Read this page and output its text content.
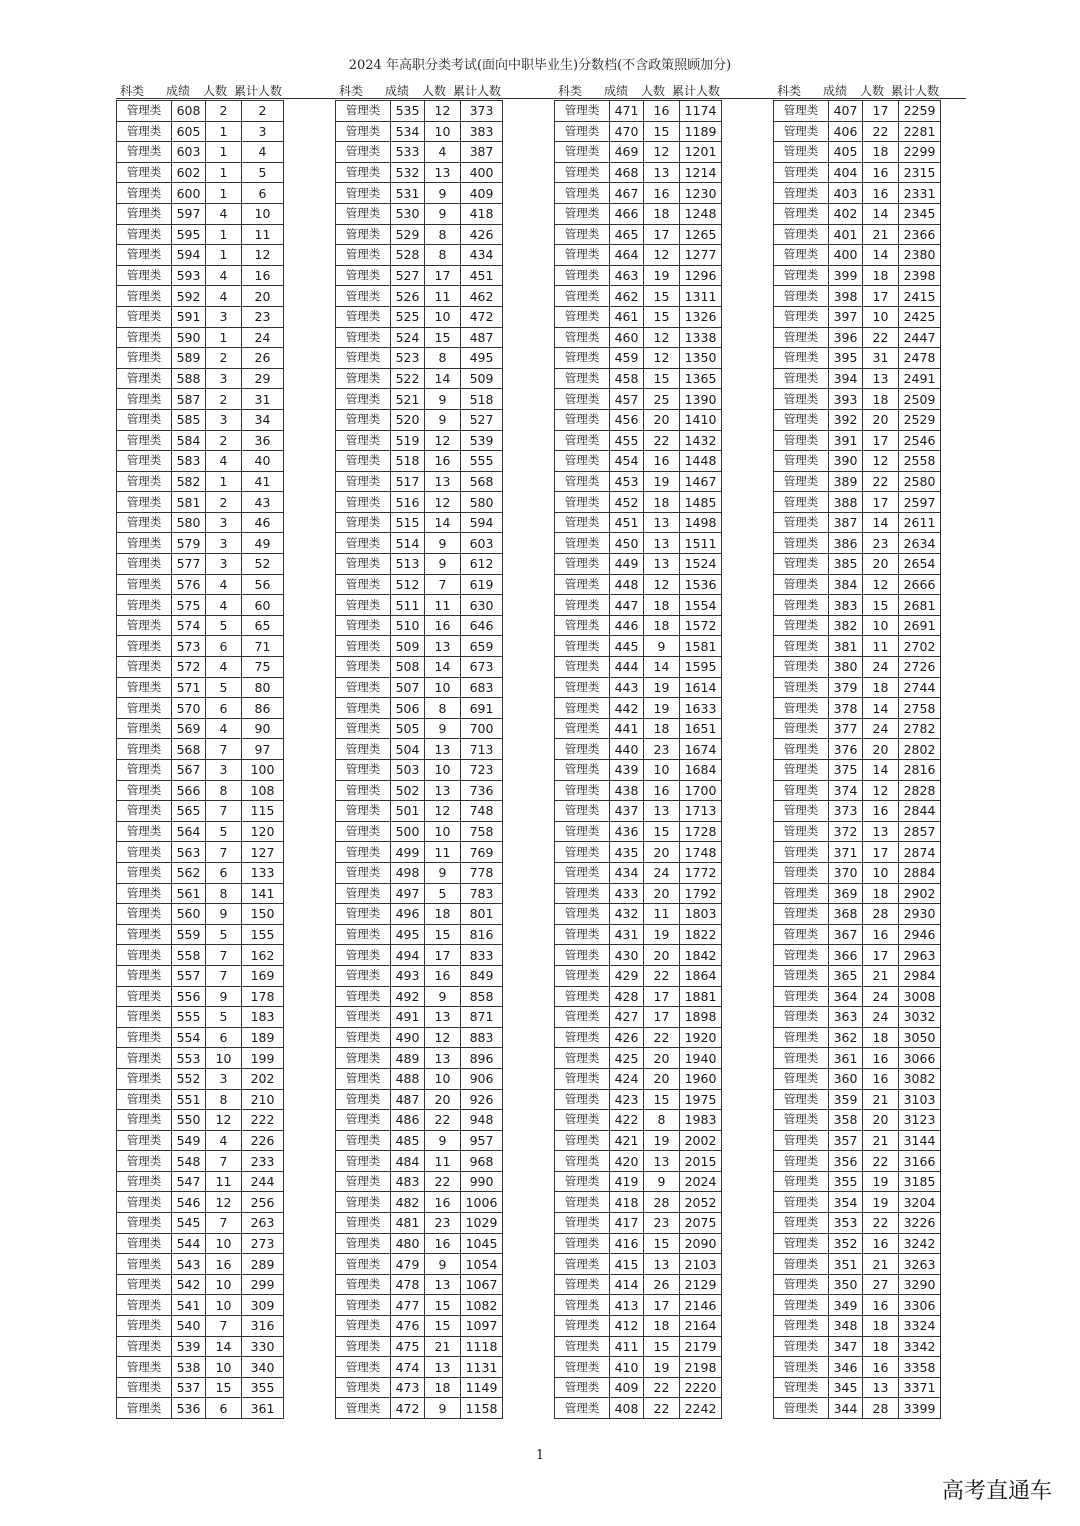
2024 年高职分类考试(面向中职毕业生)分数档(不含政策照顾加分)
科类	成绩	人数 累计人数
管理类	608	2	2
管理类	605	1	3
管理类	603	1	4
管理类	602	1	5
管理类	600	1	6
管理类	597	4	10
管理类	595	1	11
管理类	594	1	12
管理类	593	4	16
管理类	592	4	20
管理类	591	3	23
管理类	590	1	24
管理类	589	2	26
管理类	588	3	29
管理类	587	2	31
管理类	585	3	34
管理类	584	2	36
管理类	583	4	40
管理类	582	1	41
管理类	581	2	43
管理类	580	3	46
管理类	579	3	49
管理类	577	3	52
管理类	576	4	56
管理类	575	4	60
管理类	574	5	65
管理类	573	6	71
管理类	572	4	75
管理类	571	5	80
管理类	570	6	86
管理类	569	4	90
管理类	568	7	97
管理类	567	3	100
管理类	566	8	108
管理类	565	7	115
管理类	564	5	120
管理类	563	7	127
管理类	562	6	133
管理类	561	8	141
管理类	560	9	150
管理类	559	5	155
管理类	558	7	162
管理类	557	7	169
管理类	556	9	178
管理类	555	5	183
管理类	554	6	189
管理类	553	10	199
管理类	552	3	202
管理类	551	8	210
管理类	550	12	222
管理类	549	4	226
管理类	548	7	233
管理类	547	11	244
管理类	546	12	256
管理类	545	7	263
管理类	544	10	273
管理类	543	16	289
管理类	542	10	299
管理类	541	10	309
管理类	540	7	316
管理类	539	14	330
管理类	538	10	340
管理类	537	15	355
管理类	536	6	361
科类	成绩	人数 累计人数
管理类	535	12	373
管理类	534	10	383
管理类	533	4	387
管理类	532	13	400
管理类	531	9	409
管理类	530	9	418
管理类	529	8	426
管理类	528	8	434
管理类	527	17	451
管理类	526	11	462
管理类	525	10	472
管理类	524	15	487
管理类	523	8	495
管理类	522	14	509
管理类	521	9	518
管理类	520	9	527
管理类	519	12	539
管理类	518	16	555
管理类	517	13	568
管理类	516	12	580
管理类	515	14	594
管理类	514	9	603
管理类	513	9	612
管理类	512	7	619
管理类	511	11	630
管理类	510	16	646
管理类	509	13	659
管理类	508	14	673
管理类	507	10	683
管理类	506	8	691
管理类	505	9	700
管理类	504	13	713
管理类	503	10	723
管理类	502	13	736
管理类	501	12	748
管理类	500	10	758
管理类	499	11	769
管理类	498	9	778
管理类	497	5	783
管理类	496	18	801
管理类	495	15	816
管理类	494	17	833
管理类	493	16	849
管理类	492	9	858
管理类	491	13	871
管理类	490	12	883
管理类	489	13	896
管理类	488	10	906
管理类	487	20	926
管理类	486	22	948
管理类	485	9	957
管理类	484	11	968
管理类	483	22	990
管理类	482	16	1006
管理类	481	23	1029
管理类	480	16	1045
管理类	479	9	1054
管理类	478	13	1067
管理类	477	15	1082
管理类	476	15	1097
管理类	475	21	1118
管理类	474	13	1131
管理类	473	18	1149
管理类	472	9	1158
科类	成绩	人数 累计人数
管理类	471	16	1174
管理类	470	15	1189
管理类	469	12	1201
管理类	468	13	1214
管理类	467	16	1230
管理类	466	18	1248
管理类	465	17	1265
管理类	464	12	1277
管理类	463	19	1296
管理类	462	15	1311
管理类	461	15	1326
管理类	460	12	1338
管理类	459	12	1350
管理类	458	15	1365
管理类	457	25	1390
管理类	456	20	1410
管理类	455	22	1432
管理类	454	16	1448
管理类	453	19	1467
管理类	452	18	1485
管理类	451	13	1498
管理类	450	13	1511
管理类	449	13	1524
管理类	448	12	1536
管理类	447	18	1554
管理类	446	18	1572
管理类	445	9	1581
管理类	444	14	1595
管理类	443	19	1614
管理类	442	19	1633
管理类	441	18	1651
管理类	440	23	1674
管理类	439	10	1684
管理类	438	16	1700
管理类	437	13	1713
管理类	436	15	1728
管理类	435	20	1748
管理类	434	24	1772
管理类	433	20	1792
管理类	432	11	1803
管理类	431	19	1822
管理类	430	20	1842
管理类	429	22	1864
管理类	428	17	1881
管理类	427	17	1898
管理类	426	22	1920
管理类	425	20	1940
管理类	424	20	1960
管理类	423	15	1975
管理类	422	8	1983
管理类	421	19	2002
管理类	420	13	2015
管理类	419	9	2024
管理类	418	28	2052
管理类	417	23	2075
管理类	416	15	2090
管理类	415	13	2103
管理类	414	26	2129
管理类	413	17	2146
管理类	412	18	2164
管理类	411	15	2179
管理类	410	19	2198
管理类	409	22	2220
管理类	408	22	2242
科类	成绩	人数 累计人数
管理类	407	17	2259
管理类	406	22	2281
管理类	405	18	2299
管理类	404	16	2315
管理类	403	16	2331
管理类	402	14	2345
管理类	401	21	2366
管理类	400	14	2380
管理类	399	18	2398
管理类	398	17	2415
管理类	397	10	2425
管理类	396	22	2447
管理类	395	31	2478
管理类	394	13	2491
管理类	393	18	2509
管理类	392	20	2529
管理类	391	17	2546
管理类	390	12	2558
管理类	389	22	2580
管理类	388	17	2597
管理类	387	14	2611
管理类	386	23	2634
管理类	385	20	2654
管理类	384	12	2666
管理类	383	15	2681
管理类	382	10	2691
管理类	381	11	2702
管理类	380	24	2726
管理类	379	18	2744
管理类	378	14	2758
管理类	377	24	2782
管理类	376	20	2802
管理类	375	14	2816
管理类	374	12	2828
管理类	373	16	2844
管理类	372	13	2857
管理类	371	17	2874
管理类	370	10	2884
管理类	369	18	2902
管理类	368	28	2930
管理类	367	16	2946
管理类	366	17	2963
管理类	365	21	2984
管理类	364	24	3008
管理类	363	24	3032
管理类	362	18	3050
管理类	361	16	3066
管理类	360	16	3082
管理类	359	21	3103
管理类	358	20	3123
管理类	357	21	3144
管理类	356	22	3166
管理类	355	19	3185
管理类	354	19	3204
管理类	353	22	3226
管理类	352	16	3242
管理类	351	21	3263
管理类	350	27	3290
管理类	349	16	3306
管理类	348	18	3324
管理类	347	18	3342
管理类	346	16	3358
管理类	345	13	3371
管理类	344	28	3399
1
高考直通车
